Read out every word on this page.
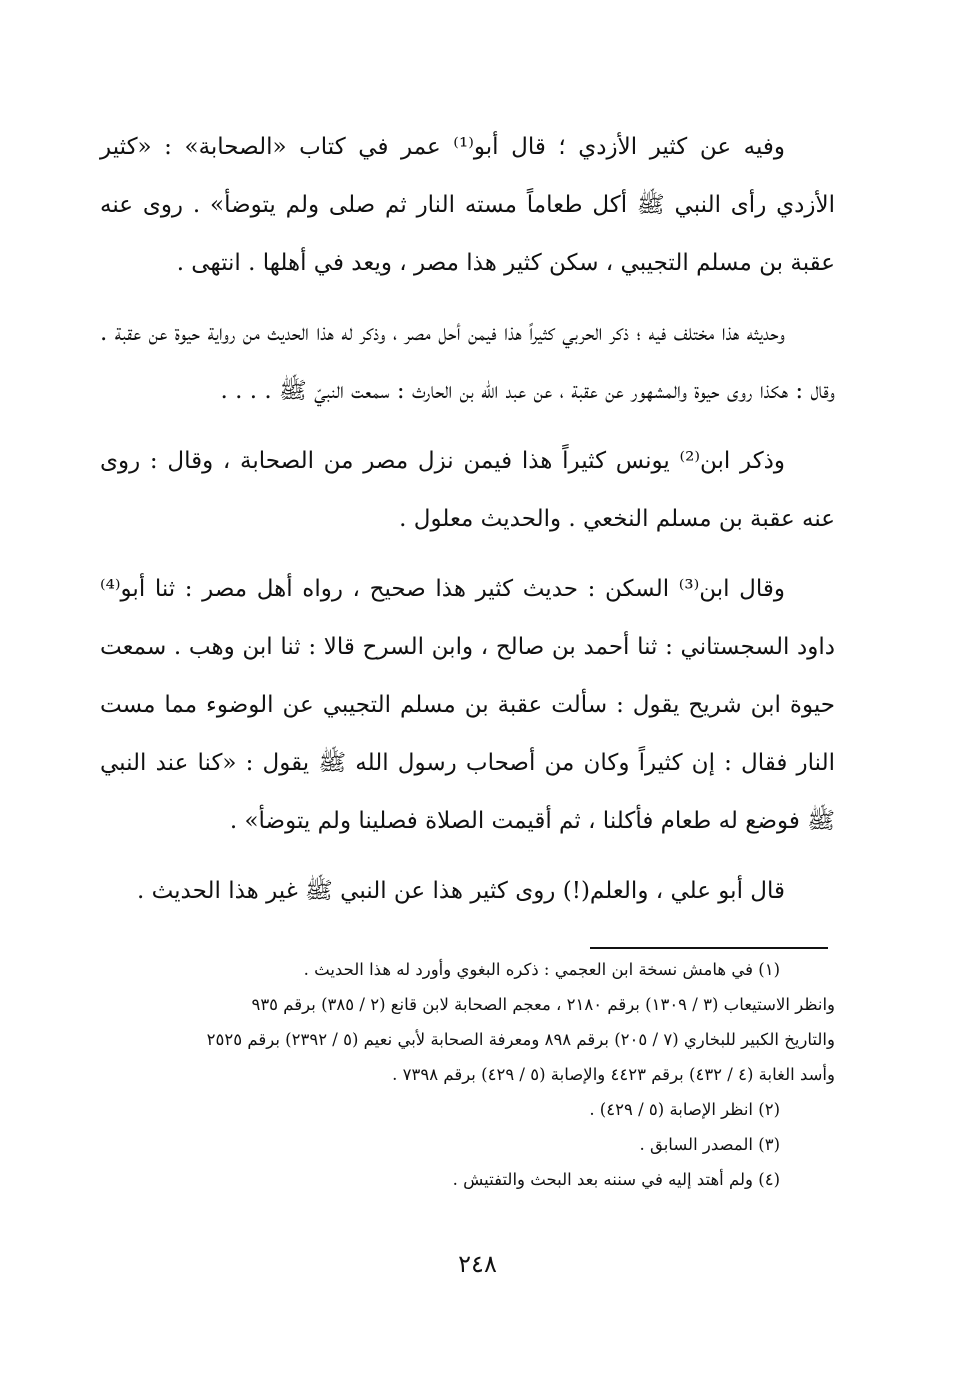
وفيه عن كثير الأزدي ؛ قال أبو⁽¹⁾ عمر في كتاب «الصحابة» : «كثير الأزدي رأى النبي ﷺ أكل طعاماً مسته النار ثم صلى ولم يتوضأ» . روى عنه عقبة بن مسلم التجيبي ، سكن كثير هذا مصر ، ويعد في أهلها . انتهى .

وحديثه هذا مختلف فيه ؛ ذكر الحربي كثيراً هذا فيمن أحل مصر ، وذكر له هذا الحديث من رواية حيوة عن عقبة . وقال : هكذا روى حيوة والمشهور عن عقبة ، عن عبد الله بن الحارث : سمعت النبيّ ﷺ . . . .

وذكر ابن⁽²⁾ يونس كثيراً هذا فيمن نزل مصر من الصحابة ، وقال : روى عنه عقبة بن مسلم النخعي . والحديث معلول .

وقال ابن⁽³⁾ السكن : حديث كثير هذا صحيح ، رواه أهل مصر : ثنا أبو⁽⁴⁾ داود السجستاني : ثنا أحمد بن صالح ، وابن السرح قالا : ثنا ابن وهب . سمعت حيوة ابن شريح يقول : سألت عقبة بن مسلم التجيبي عن الوضوء مما مست النار فقال : إن كثيراً وكان من أصحاب رسول الله ﷺ يقول : «كنا عند النبي ﷺ فوضع له طعام فأكلنا ، ثم أقيمت الصلاة فصلينا ولم يتوضأ» .

قال أبو علي ، والعلم(!) روى كثير هذا عن النبي ﷺ غير هذا الحديث .

(١) في هامش نسخة ابن العجمي : ذكره البغوي وأورد له هذا الحديث .

وانظر الاستيعاب (٣ / ١٣٠٩) برقم ٢١٨٠ ، معجم الصحابة لابن قانع (٢ / ٣٨٥) برقم ٩٣٥

والتاريخ الكبير للبخاري (٧ / ٢٠٥) برقم ٨٩٨ ومعرفة الصحابة لأبي نعيم (٥ / ٢٣٩٢) برقم ٢٥٢٥

وأسد الغابة (٤ / ٤٣٢) برقم ٤٤٢٣ والإصابة (٥ / ٤٢٩) برقم ٧٣٩٨ .

(٢) انظر الإصابة (٥ / ٤٢٩) .

(٣) المصدر السابق .

(٤) ولم أهتد إليه في سننه بعد البحث والتفتيش .

٢٤٨
